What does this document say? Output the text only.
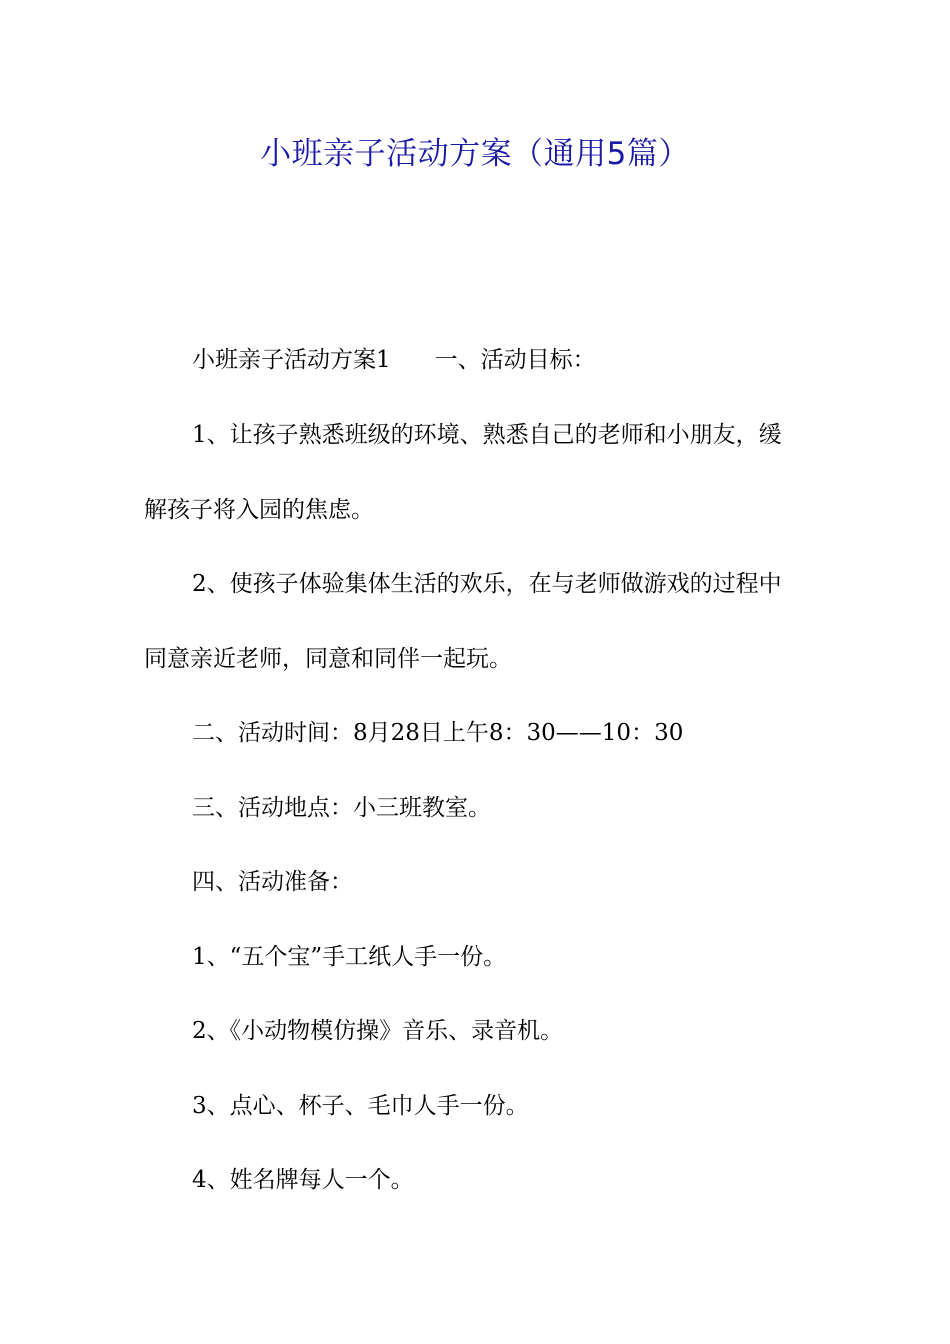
小班亲子活动方案（通用5篇）
小班亲子活动方案1 一、活动目标：
1、让孩子熟悉班级的环境、熟悉自己的老师和小朋友，缓
解孩子将入园的焦虑。
2、使孩子体验集体生活的欢乐，在与老师做游戏的过程中
同意亲近老师，同意和同伴一起玩。
二、活动时间：8月28日上午8：30——10：30
三、活动地点：小三班教室。
四、活动准备：
1、“五个宝”手工纸人手一份。
2、《小动物模仿操》音乐、录音机。
3、点心、杯子、毛巾人手一份。
4、姓名牌每人一个。
